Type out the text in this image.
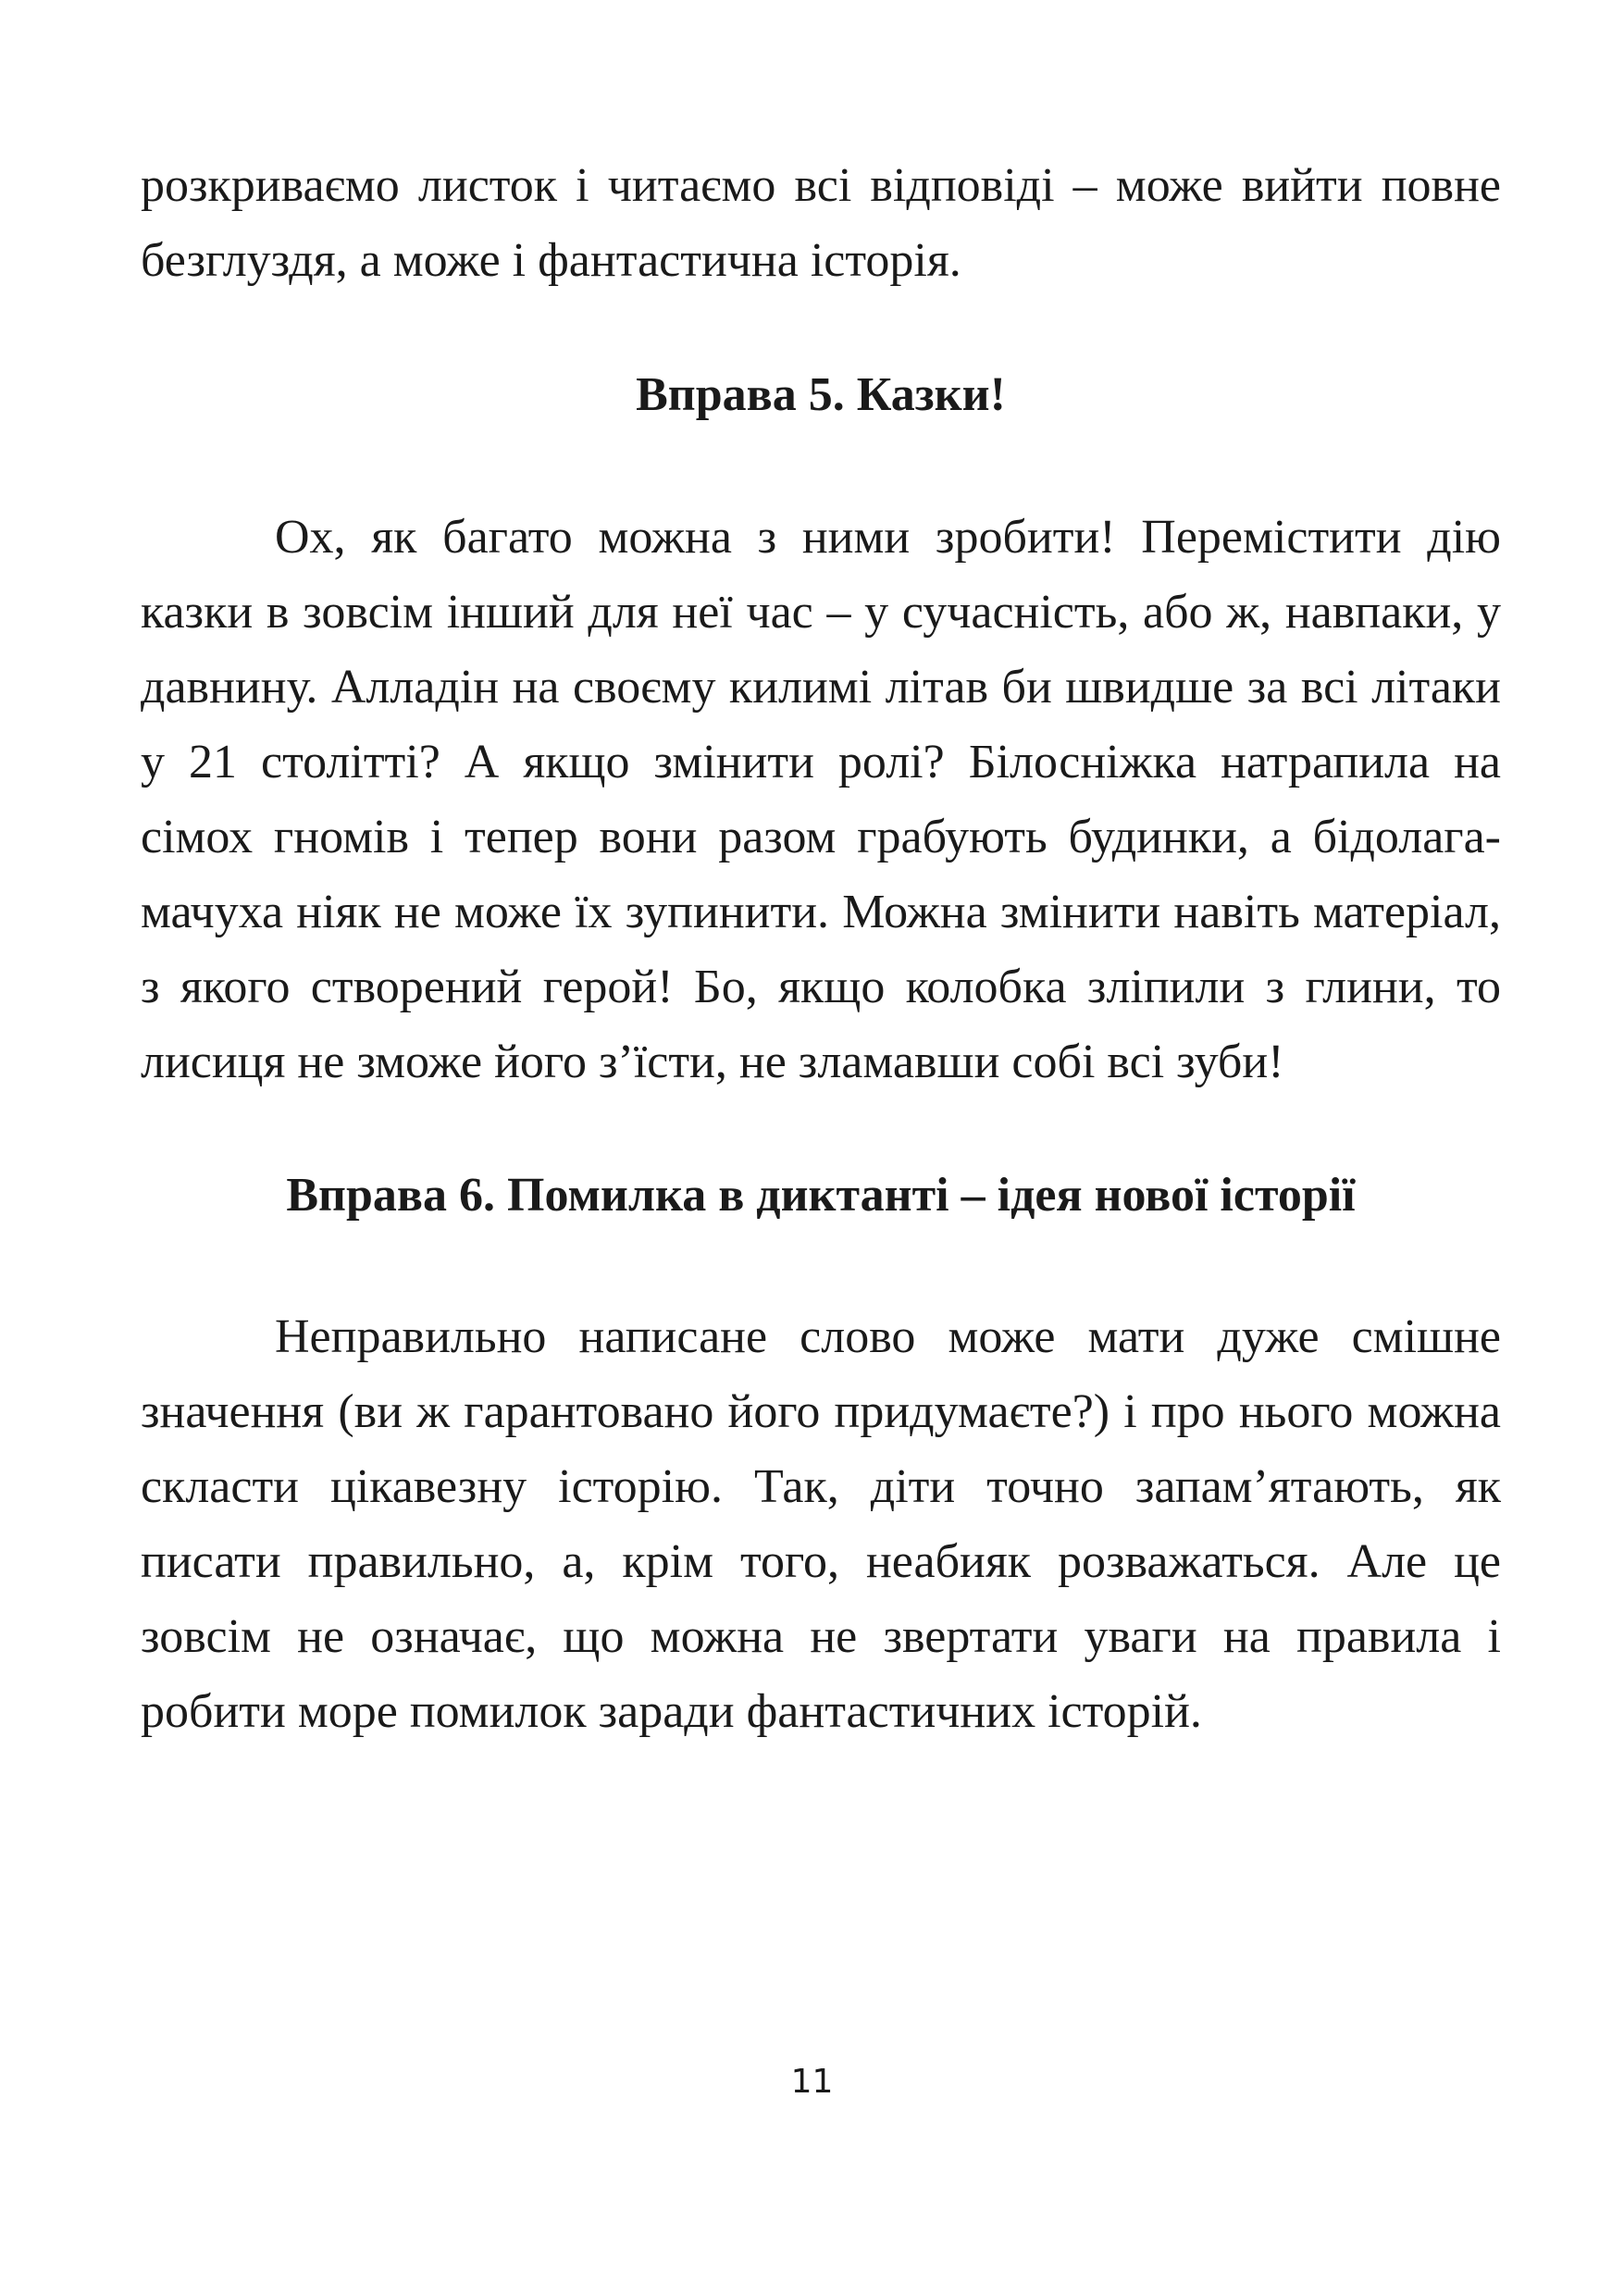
розкриваємо листок і читаємо всі відповіді – може вийти повне безглуздя, а може і фантастична історія.

Вправа 5. Казки!

Ох, як багато можна з ними зробити! Перемістити дію казки в зовсім інший для неї час – у сучасність, або ж, навпаки, у давнину. Алладін на своєму килимі літав би швидше за всі літаки у 21 столітті? А якщо змінити ролі? Білосніжка натрапила на сімох гномів і тепер вони разом грабують будинки, а бідолага-мачуха ніяк не може їх зупинити. Можна змінити навіть матеріал, з якого створений герой! Бо, якщо колобка зліпили з глини, то лисиця не зможе його з’їсти, не зламавши собі всі зуби!

Вправа 6. Помилка в диктанті – ідея нової історії

Неправильно написане слово може мати дуже смішне значення (ви ж гарантовано його придумаєте?) і про нього можна  скласти цікавезну історію. Так, діти точно запам’ятають, як писати правильно, а, крім того, неабияк розважаться. Але це зовсім не означає, що можна не звертати уваги на правила і робити море помилок заради фантастичних історій.

11
